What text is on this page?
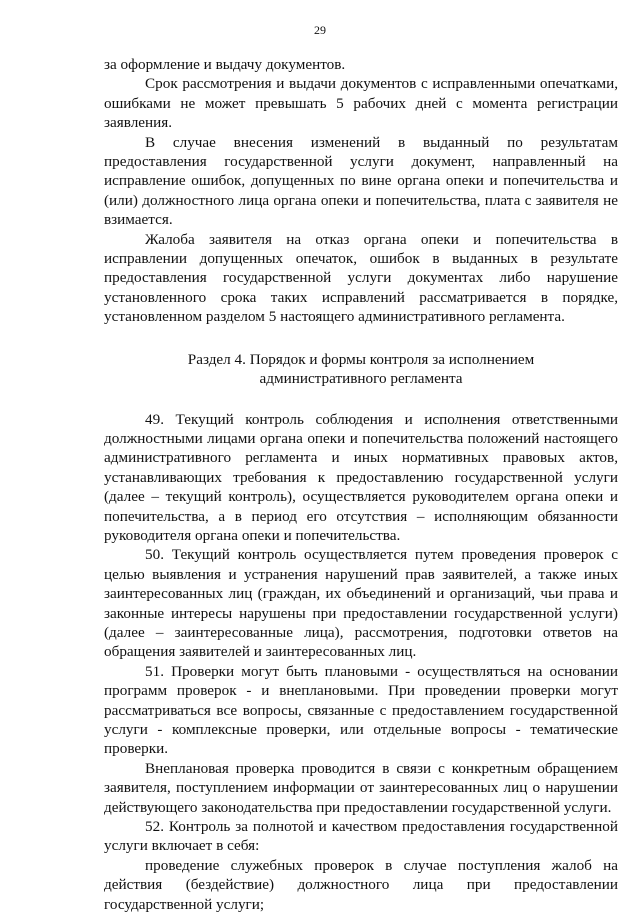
29

за оформление и выдачу документов.

Срок рассмотрения и выдачи документов с исправленными опечатками, ошибками не может превышать 5 рабочих дней с момента регистрации заявления.

В случае внесения изменений в выданный по результатам предоставления государственной услуги документ, направленный на исправление ошибок, допущенных по вине органа опеки и попечительства и (или) должностного лица органа опеки и попечительства, плата с заявителя не взимается.

Жалоба заявителя на отказ органа опеки и попечительства в исправлении допущенных опечаток, ошибок в выданных в результате предоставления государственной услуги документах либо нарушение установленного срока таких исправлений рассматривается в порядке, установленном разделом 5 настоящего административного регламента.

Раздел 4. Порядок и формы контроля за исполнением
административного регламента

49. Текущий контроль соблюдения и исполнения ответственными должностными лицами органа опеки и попечительства положений настоящего административного регламента и иных нормативных правовых актов, устанавливающих требования к предоставлению государственной услуги (далее – текущий контроль), осуществляется руководителем органа опеки и попечительства, а в период его отсутствия – исполняющим обязанности руководителя органа опеки и попечительства.

50. Текущий контроль осуществляется путем проведения проверок с целью выявления и устранения нарушений прав заявителей, а также иных заинтересованных лиц (граждан, их объединений и организаций, чьи права и законные интересы нарушены при предоставлении государственной услуги) (далее – заинтересованные лица), рассмотрения, подготовки ответов на обращения заявителей и заинтересованных лиц.

51. Проверки могут быть плановыми - осуществляться на основании программ проверок - и внеплановыми. При проведении проверки могут рассматриваться все вопросы, связанные с предоставлением государственной услуги - комплексные проверки, или отдельные вопросы - тематические проверки.

Внеплановая проверка проводится в связи с конкретным обращением заявителя, поступлением информации от заинтересованных лиц о нарушении действующего законодательства при предоставлении государственной услуги.

52. Контроль за полнотой и качеством предоставления государственной услуги включает в себя:

проведение служебных проверок в случае поступления жалоб на действия (бездействие) должностного лица при предоставлении государственной услуги;
